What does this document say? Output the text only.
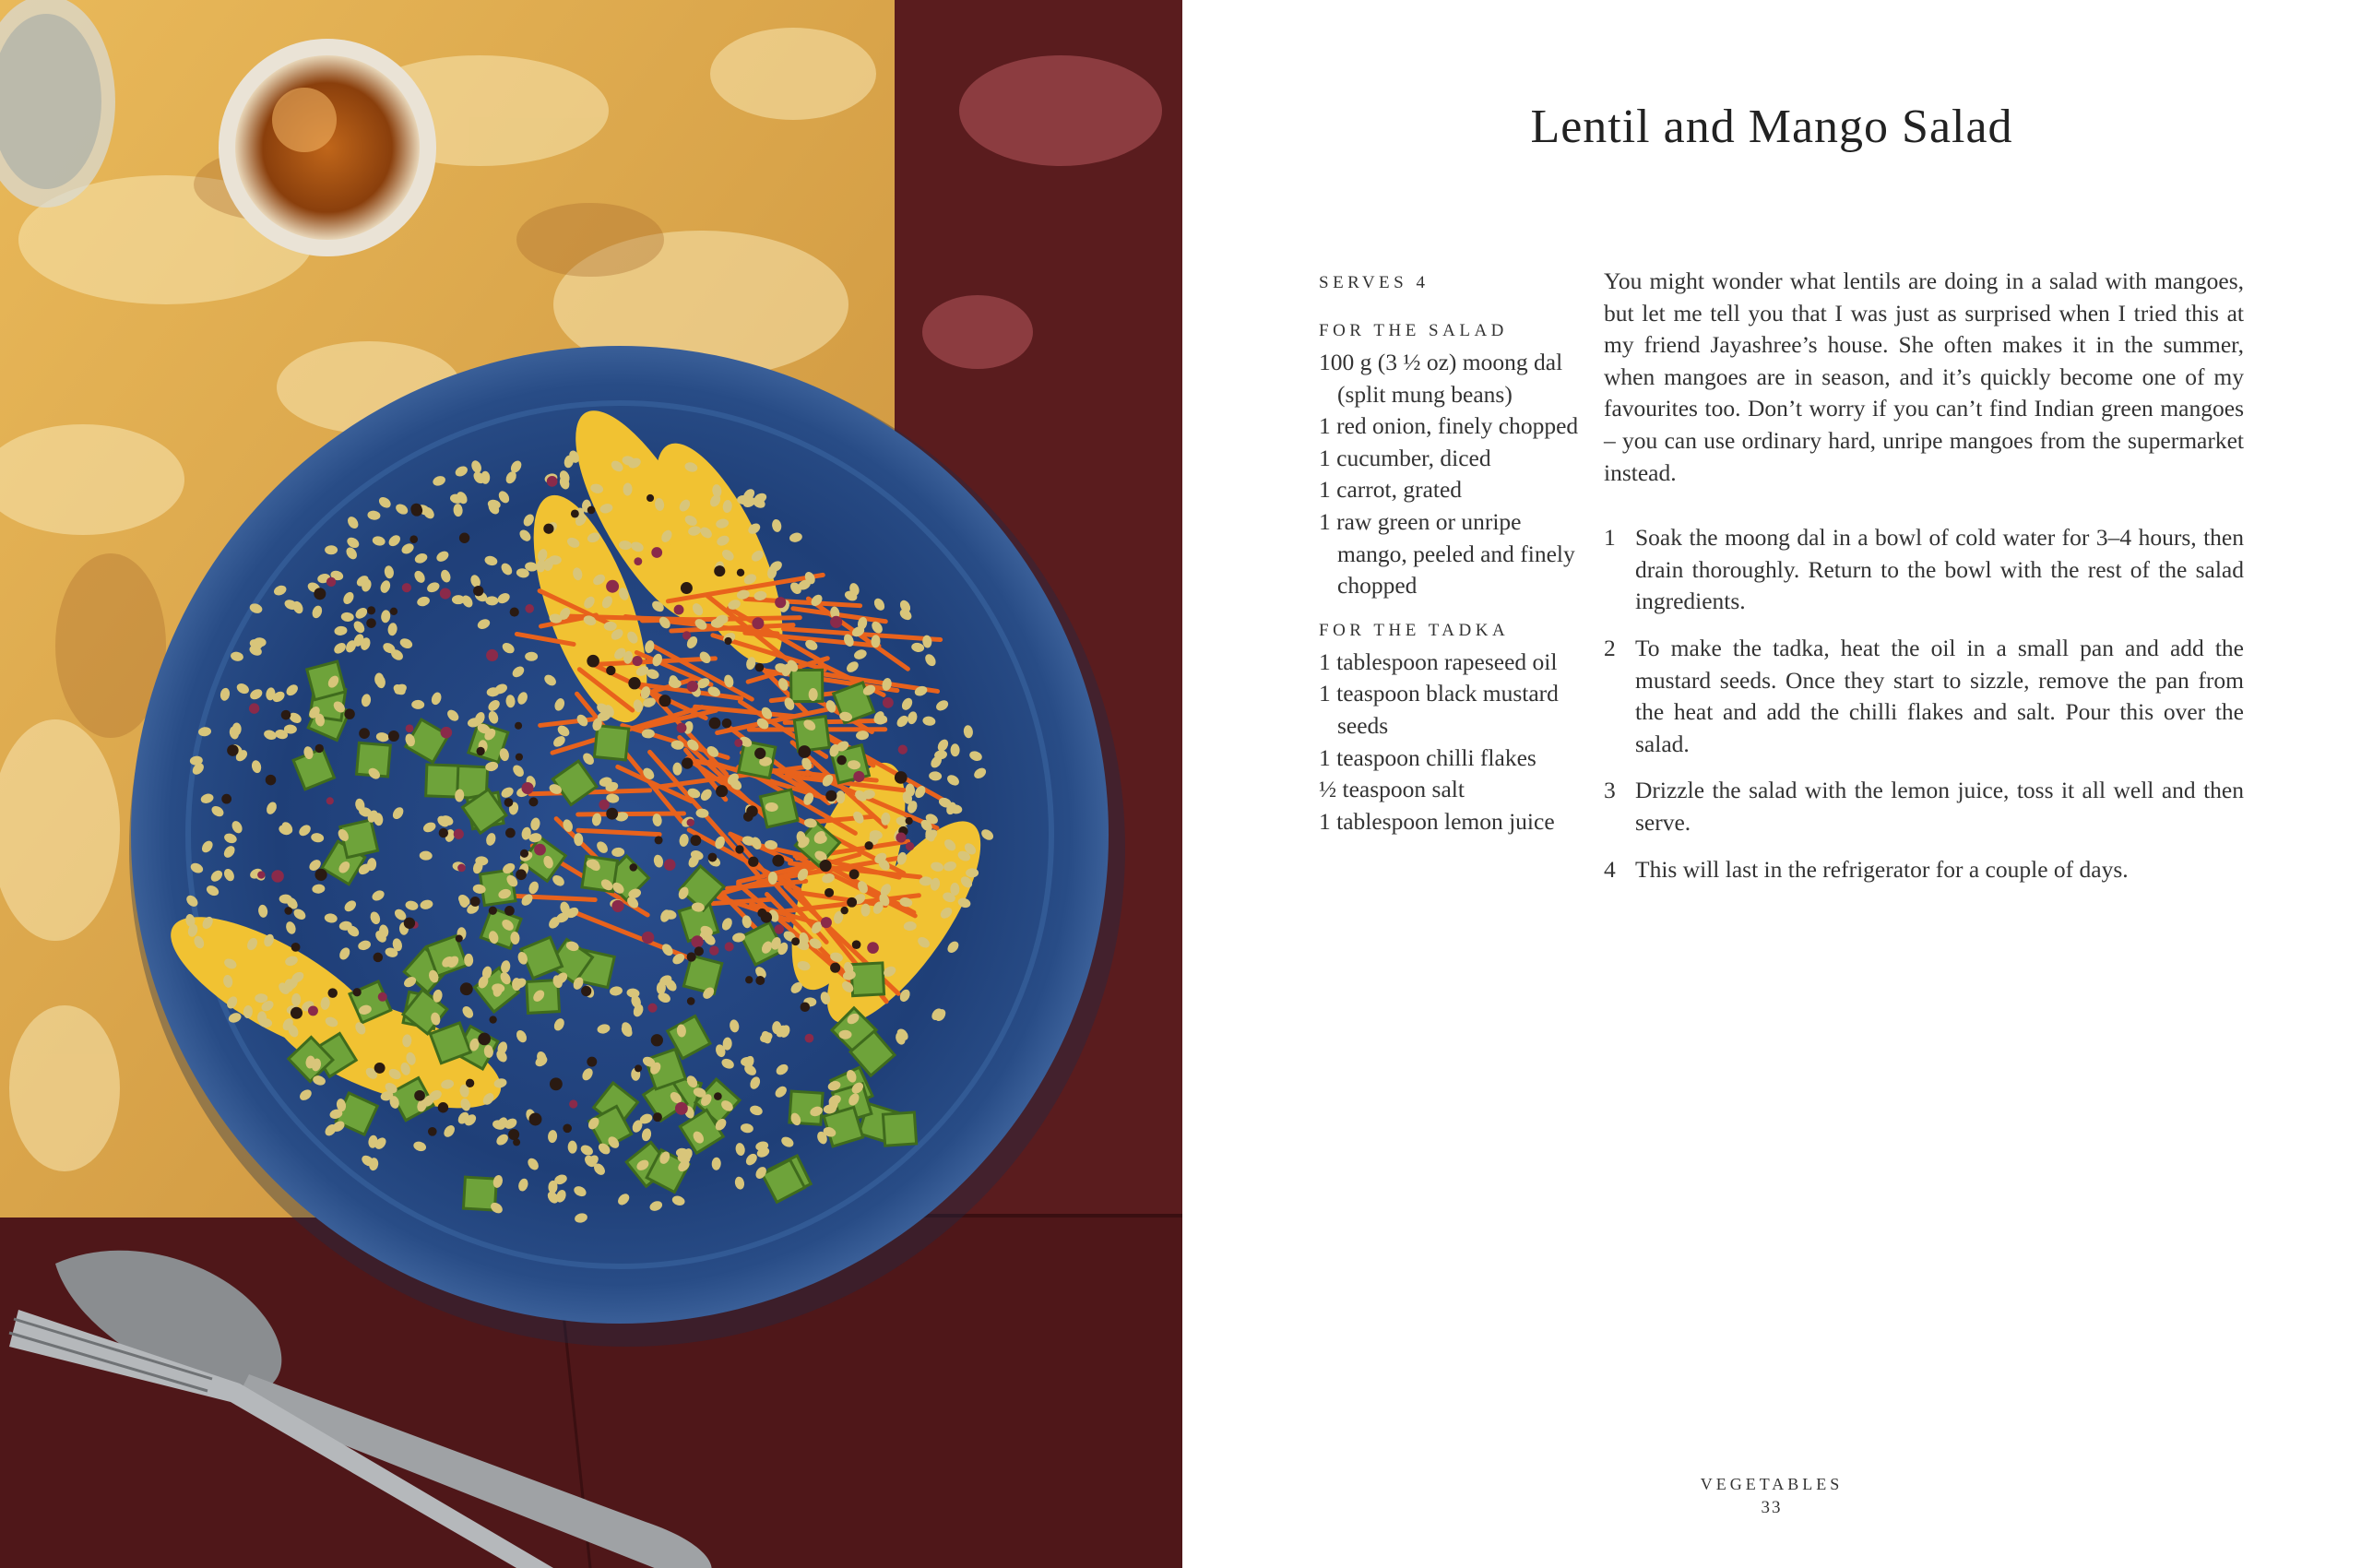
Lentil and Mango Salad
SERVES 4
FOR THE SALAD
100 g (3 ½ oz) moong dal (split mung beans)
1 red onion, finely chopped
1 cucumber, diced
1 carrot, grated
1 raw green or unripe mango, peeled and finely chopped
FOR THE TADKA
1 tablespoon rapeseed oil
1 teaspoon black mustard seeds
1 teaspoon chilli flakes
½ teaspoon salt
1 tablespoon lemon juice

You might wonder what lentils are doing in a salad with mangoes, but let me tell you that I was just as surprised when I tried this at my friend Jayashree’s house. She often makes it in the summer, when mangoes are in season, and it’s quickly become one of my favourites too. Don’t worry if you can’t find Indian green mangoes – you can use ordinary hard, unripe mangoes from the supermarket instead.

1 Soak the moong dal in a bowl of cold water for 3–4 hours, then drain thoroughly. Return to the bowl with the rest of the salad ingredients.
2 To make the tadka, heat the oil in a small pan and add the mustard seeds. Once they start to sizzle, remove the pan from the heat and add the chilli flakes and salt. Pour this over the salad.
3 Drizzle the salad with the lemon juice, toss it all well and then serve.
4 This will last in the refrigerator for a couple of days.
VEGETABLES
33
